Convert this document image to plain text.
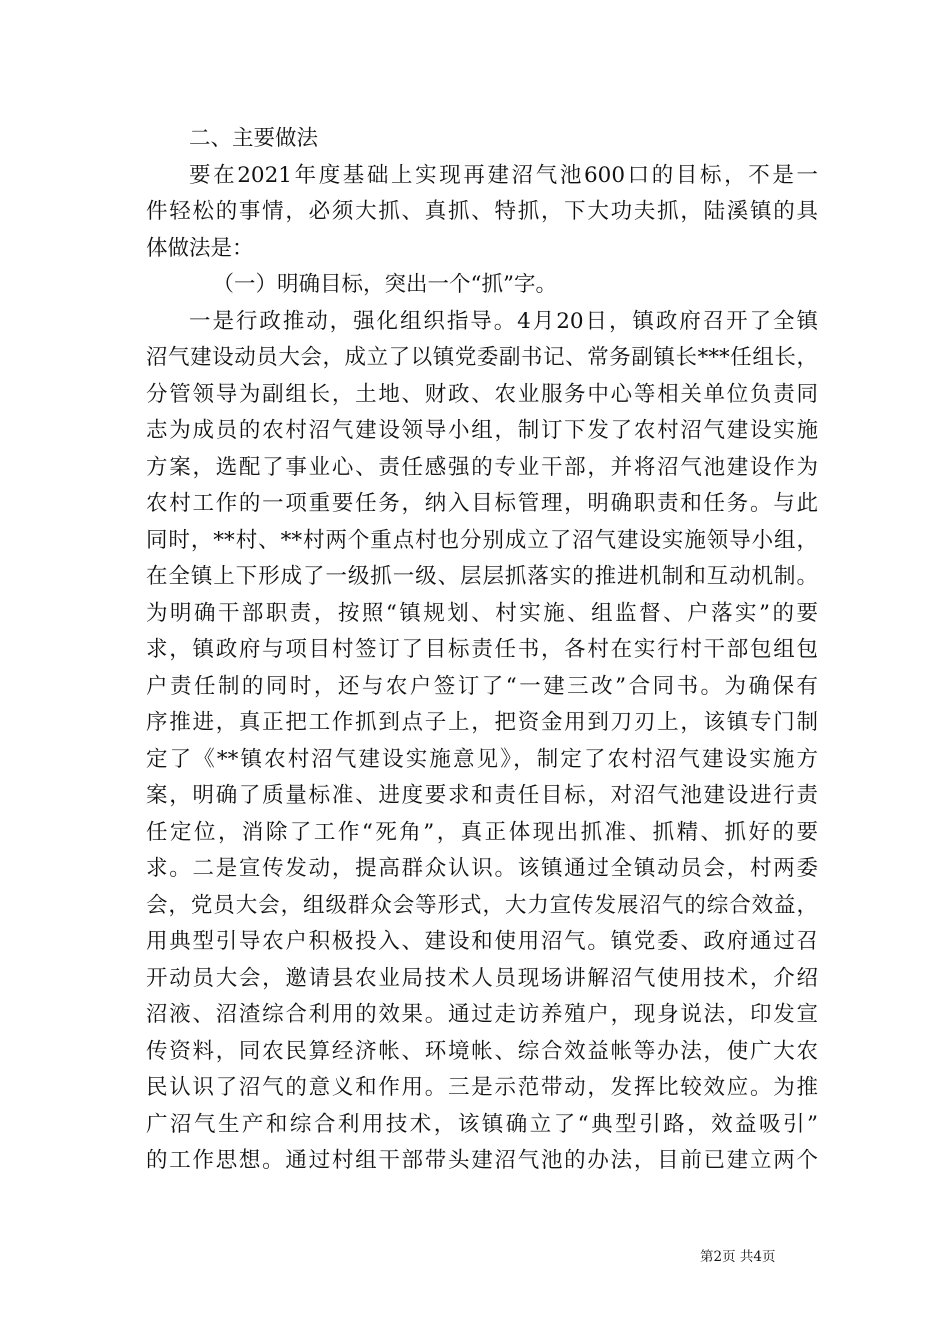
二、主要做法
要在2021年度基础上实现再建沼气池600口的目标，不是一
件轻松的事情，必须大抓、真抓、特抓，下大功夫抓，陆溪镇的具
体做法是：
（一）明确目标，突出一个“抓”字。
一是行政推动，强化组织指导。4月20日，镇政府召开了全镇
沼气建设动员大会，成立了以镇党委副书记、常务副镇长***任组长，
分管领导为副组长，土地、财政、农业服务中心等相关单位负责同
志为成员的农村沼气建设领导小组，制订下发了农村沼气建设实施
方案，选配了事业心、责任感强的专业干部，并将沼气池建设作为
农村工作的一项重要任务，纳入目标管理，明确职责和任务。与此
同时，**村、**村两个重点村也分别成立了沼气建设实施领导小组，
在全镇上下形成了一级抓一级、层层抓落实的推进机制和互动机制。
为明确干部职责，按照“镇规划、村实施、组监督、户落实”的要
求，镇政府与项目村签订了目标责任书，各村在实行村干部包组包
户责任制的同时，还与农户签订了“一建三改”合同书。为确保有
序推进，真正把工作抓到点子上，把资金用到刀刃上，该镇专门制
定了《**镇农村沼气建设实施意见》，制定了农村沼气建设实施方
案，明确了质量标准、进度要求和责任目标，对沼气池建设进行责
任定位，消除了工作“死角”，真正体现出抓准、抓精、抓好的要
求。二是宣传发动，提高群众认识。该镇通过全镇动员会，村两委
会，党员大会，组级群众会等形式，大力宣传发展沼气的综合效益，
用典型引导农户积极投入、建设和使用沼气。镇党委、政府通过召
开动员大会，邀请县农业局技术人员现场讲解沼气使用技术，介绍
沼液、沼渣综合利用的效果。通过走访养殖户，现身说法，印发宣
传资料，同农民算经济帐、环境帐、综合效益帐等办法，使广大农
民认识了沼气的意义和作用。三是示范带动，发挥比较效应。为推
广沼气生产和综合利用技术，该镇确立了“典型引路，效益吸引”
的工作思想。通过村组干部带头建沼气池的办法，目前已建立两个
第2页 共4页
